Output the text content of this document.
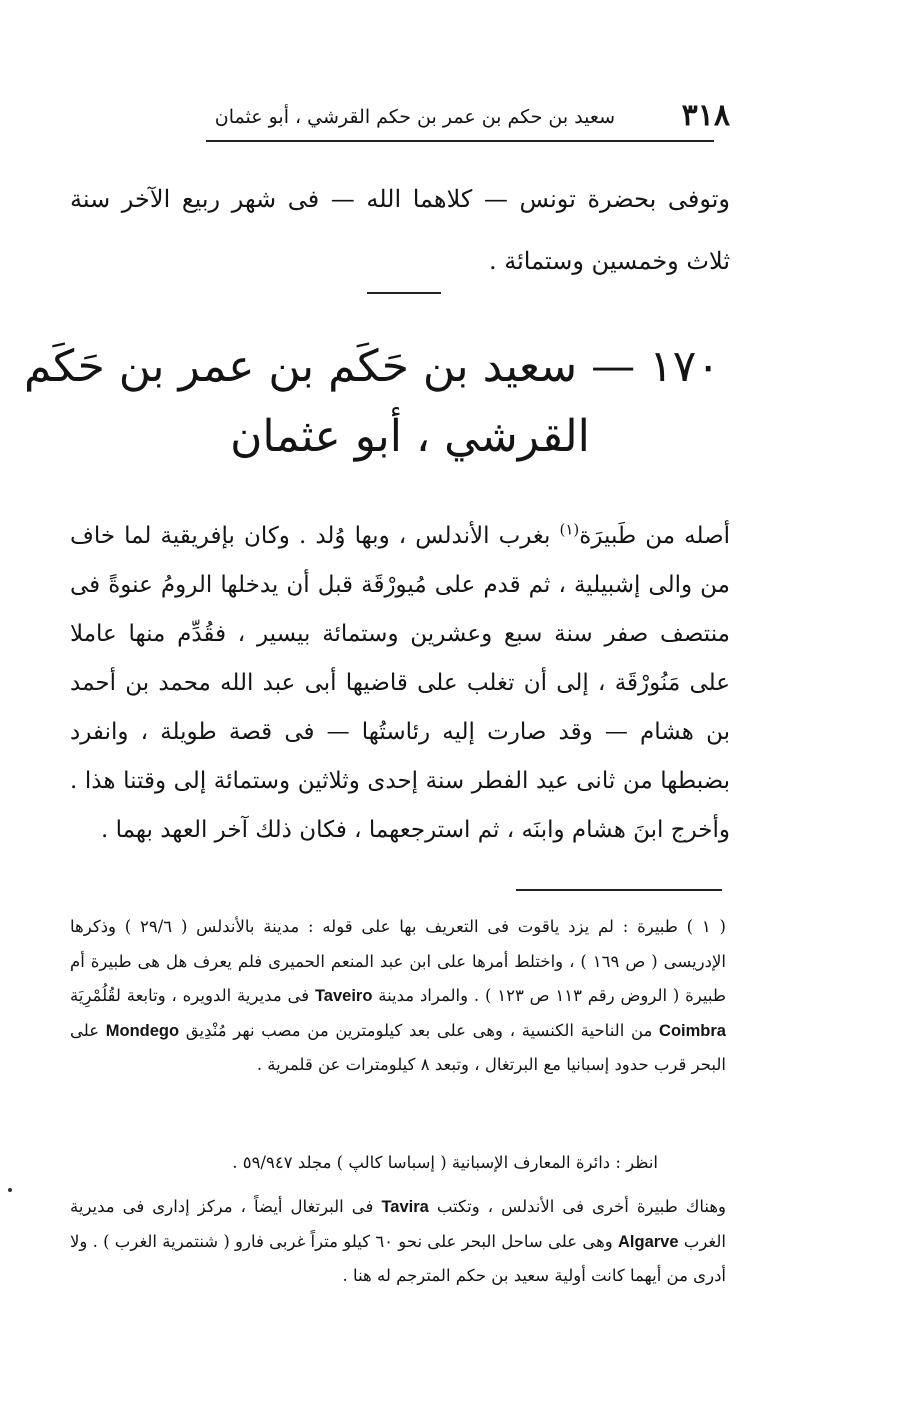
٣١٨
سعيد بن حكم بن عمر بن حكم القرشي ، أبو عثمان
وتوفى بحضرة تونس — كلاهما الله — فى شهر ربيع الآخر سنة ثلاث وخمسين وستمائة .
١٧٠ — سعيد بن حَكَم بن عمر بن حَكَم
القرشي ، أبو عثمان
أصله من طَبيرَة$^{(١)}$ بغرب الأندلس ، وبها وُلد . وكان بإفريقية لما خاف من والى إشبيلية ، ثم قدم على مُيورْقَة قبل أن يدخلها الرومُ عنوةً فى منتصف صفر سنة سبع وعشرين وستمائة بيسير ، فقُدِّم منها عاملا على مَنُورْقَة ، إلى أن تغلب على قاضيها أبى عبد الله محمد بن أحمد بن هشام — وقد صارت إليه رئاستُها — فى قصة طويلة ، وانفرد بضبطها من ثانى عيد الفطر سنة إحدى وثلاثين وستمائة إلى وقتنا هذا . وأخرج ابنَ هشام وابنَه ، ثم استرجعهما ، فكان ذلك آخر العهد بهما .
( ١ ) طبيرة : لم يزد ياقوت فى التعريف بها على قوله : مدينة بالأندلس ( ٢٩/٦ ) وذكرها الإدريسى ( ص ١٦٩ ) ، واختلط أمرها على ابن عبد المنعم الحميرى فلم يعرف هل هى طبيرة أم طبيرة ( الروض رقم ١١٣ ص ١٢٣ ) . والمراد مدينة Taveiro فى مديرية الدويره ، وتابعة لقُلُمْرِيَة Coimbra من الناحية الكنسية ، وهى على بعد كيلومترين من مصب نهر مُنْدِيق Mondego على البحر قرب حدود إسبانيا مع البرتغال ، وتبعد ٨ كيلومترات عن قلمرية .
انظر : دائرة المعارف الإسبانية ( إسباسا كالپ ) مجلد ٥٩/٩٤٧ .
وهناك طبيرة أخرى فى الأندلس ، وتكتب Tavira فى البرتغال أيضاً ، مركز إدارى فى مديرية الغرب Algarve وهى على ساحل البحر على نحو ٦٠ كيلو متراً غربى فارو ( شنتمرية الغرب ) . ولا أدرى من أيهما كانت أولية سعيد بن حكم المترجم له هنا .
